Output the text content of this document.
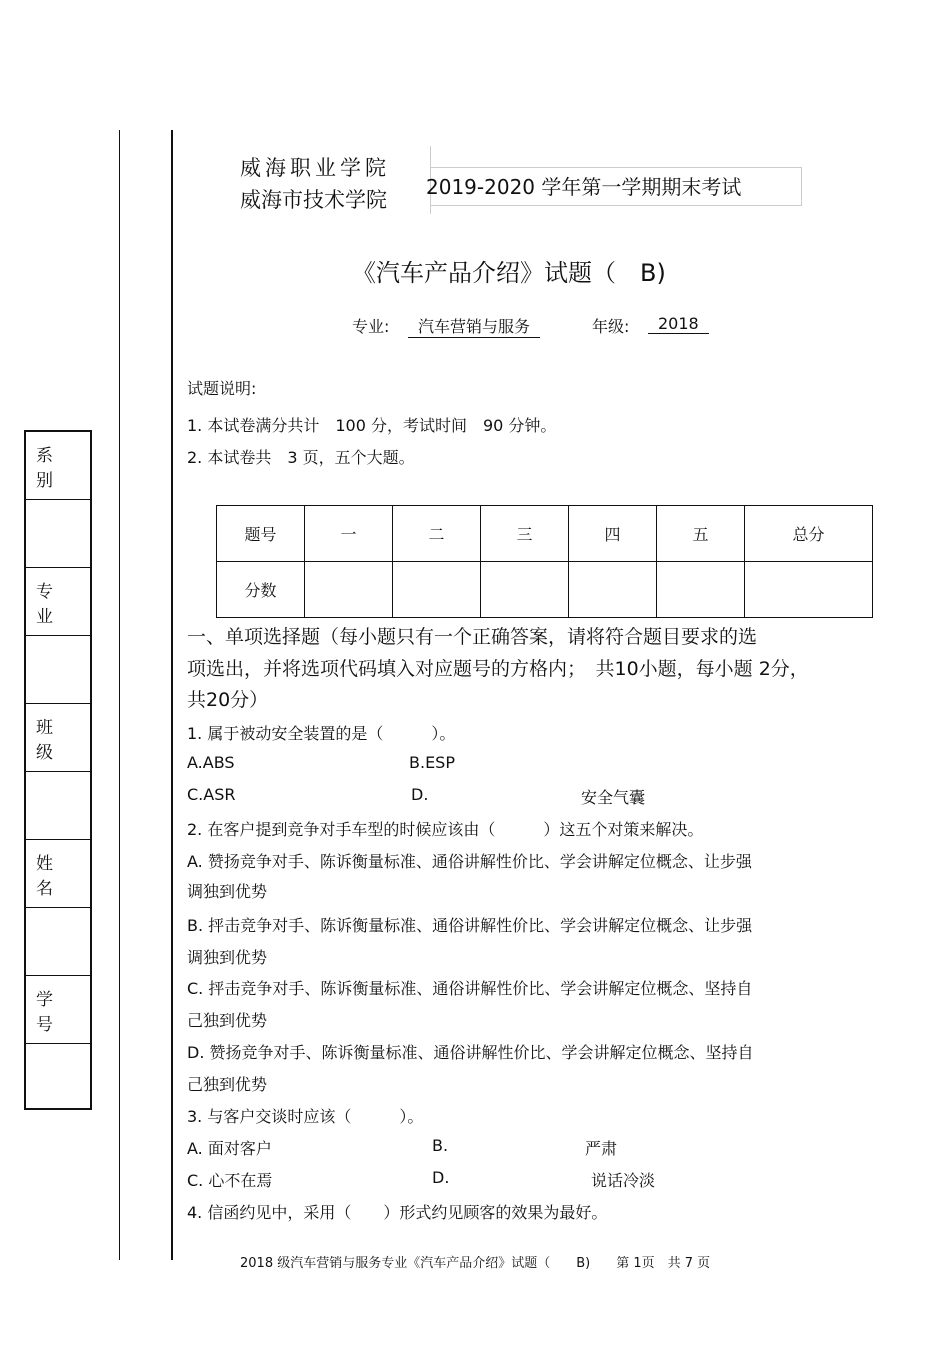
系 别
专 业
班 级
姓 名
学 号
威海职业学院
威海市技术学院
2019-2020 学年第一学期期末考试
《汽车产品介绍》试题（　B)
专业:	汽车营销与服务	年级:	2018
试题说明:
1. 本试卷满分共计　100 分，考试时间　90 分钟。
2. 本试卷共　3 页，五个大题。
题号	一	二	三	四	五	总分
分数						
一、单项选择题（每小题只有一个正确答案，请将符合题目要求的选
项选出，并将选项代码填入对应题号的方格内；　共10小题，每小题 2分，
共20分）
1. 属于被动安全装置的是（　　　）。
A.ABS	B.ESP
C.ASR	D.	安全气囊
2. 在客户提到竞争对手车型的时候应该由（　　　）这五个对策来解决。
A. 赞扬竞争对手、陈诉衡量标准、通俗讲解性价比、学会讲解定位概念、让步强
调独到优势
B. 抨击竞争对手、陈诉衡量标准、通俗讲解性价比、学会讲解定位概念、让步强
调独到优势
C. 抨击竞争对手、陈诉衡量标准、通俗讲解性价比、学会讲解定位概念、坚持自
己独到优势
D. 赞扬竞争对手、陈诉衡量标准、通俗讲解性价比、学会讲解定位概念、坚持自
己独到优势
3. 与客户交谈时应该（　　　）。
A. 面对客户	B.	严肃
C. 心不在焉	D.	说话冷淡
4. 信函约见中，采用（　　）形式约见顾客的效果为最好。
2018 级汽车营销与服务专业《汽车产品介绍》试题（　　B)　　第 1页　共 7 页
